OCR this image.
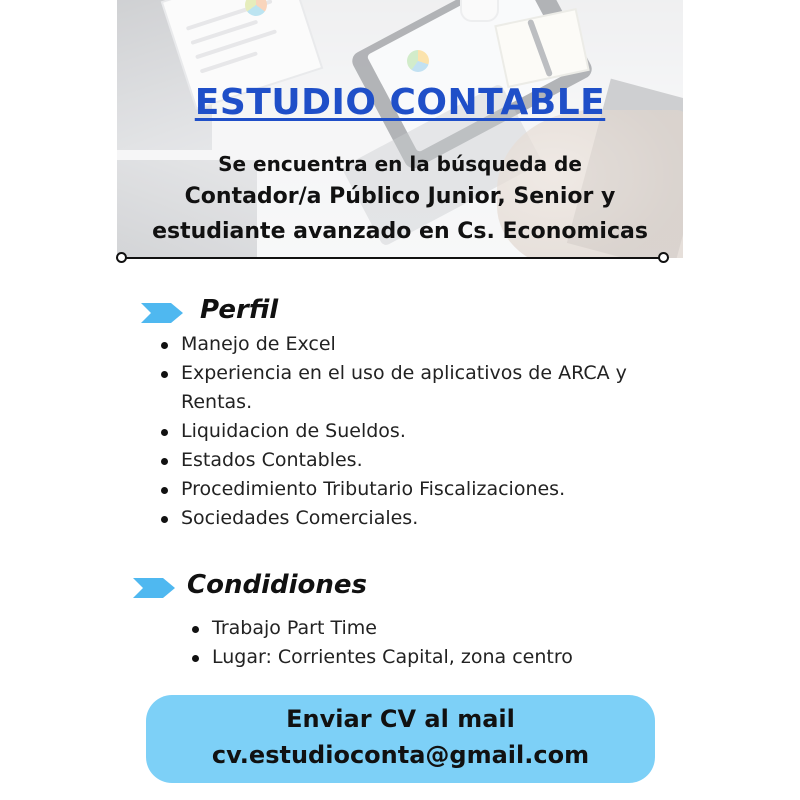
ESTUDIO CONTABLE
Se encuentra en la búsqueda de
Contador/a Público Junior, Senior y
estudiante avanzado en Cs. Economicas
Perfil
Manejo de Excel
Experiencia en el uso de aplicativos de ARCA y Rentas.
Liquidacion de Sueldos.
Estados Contables.
Procedimiento Tributario Fiscalizaciones.
Sociedades Comerciales.
Condidiones
Trabajo Part Time
Lugar: Corrientes Capital, zona centro
Enviar CV al mail
cv.estudioconta@gmail.com
